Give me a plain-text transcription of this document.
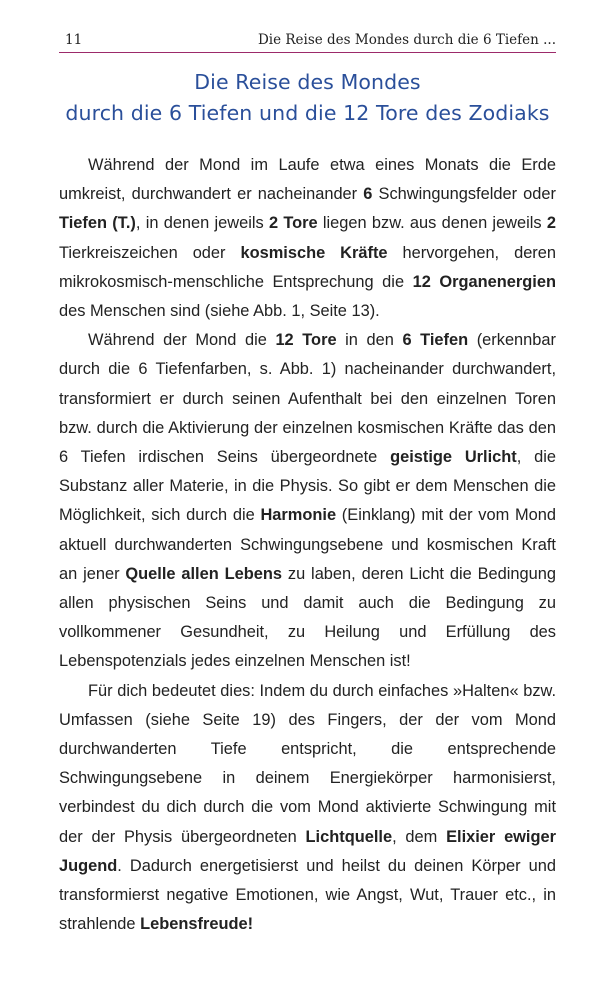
11	Die Reise des Mondes durch die 6 Tiefen ...
Die Reise des Mondes
durch die 6 Tiefen und die 12 Tore des Zodiaks

Während der Mond im Laufe etwa eines Monats die Erde umkreist, durchwandert er nacheinander 6 Schwingungsfelder oder Tiefen (T.), in denen jeweils 2 Tore liegen bzw. aus denen jeweils 2 Tierkreiszeichen oder kosmische Kräfte hervorgehen, deren mikrokosmisch-menschliche Entsprechung die 12 Organenergien des Menschen sind (siehe Abb. 1, Seite 13).

Während der Mond die 12 Tore in den 6 Tiefen (erkennbar durch die 6 Tiefenfarben, s. Abb. 1) nacheinander durchwandert, transformiert er durch seinen Aufenthalt bei den einzelnen Toren bzw. durch die Aktivierung der einzelnen kosmischen Kräfte das den 6 Tiefen irdischen Seins übergeordnete geistige Urlicht, die Substanz aller Materie, in die Physis. So gibt er dem Menschen die Möglichkeit, sich durch die Harmonie (Einklang) mit der vom Mond aktuell durchwanderten Schwingungsebene und kosmischen Kraft an jener Quelle allen Lebens zu laben, deren Licht die Bedingung allen physischen Seins und damit auch die Bedingung zu vollkommener Gesundheit, zu Heilung und Erfüllung des Lebenspotenzials jedes einzelnen Menschen ist!

Für dich bedeutet dies: Indem du durch einfaches »Halten« bzw. Umfassen (siehe Seite 19) des Fingers, der der vom Mond durchwanderten Tiefe entspricht, die entsprechende Schwingungsebene in deinem Energiekörper harmonisierst, verbindest du dich durch die vom Mond aktivierte Schwingung mit der der Physis übergeordneten Lichtquelle, dem Elixier ewiger Jugend. Dadurch energetisierst und heilst du deinen Körper und transformierst negative Emotionen, wie Angst, Wut, Trauer etc., in strahlende Lebensfreude!
